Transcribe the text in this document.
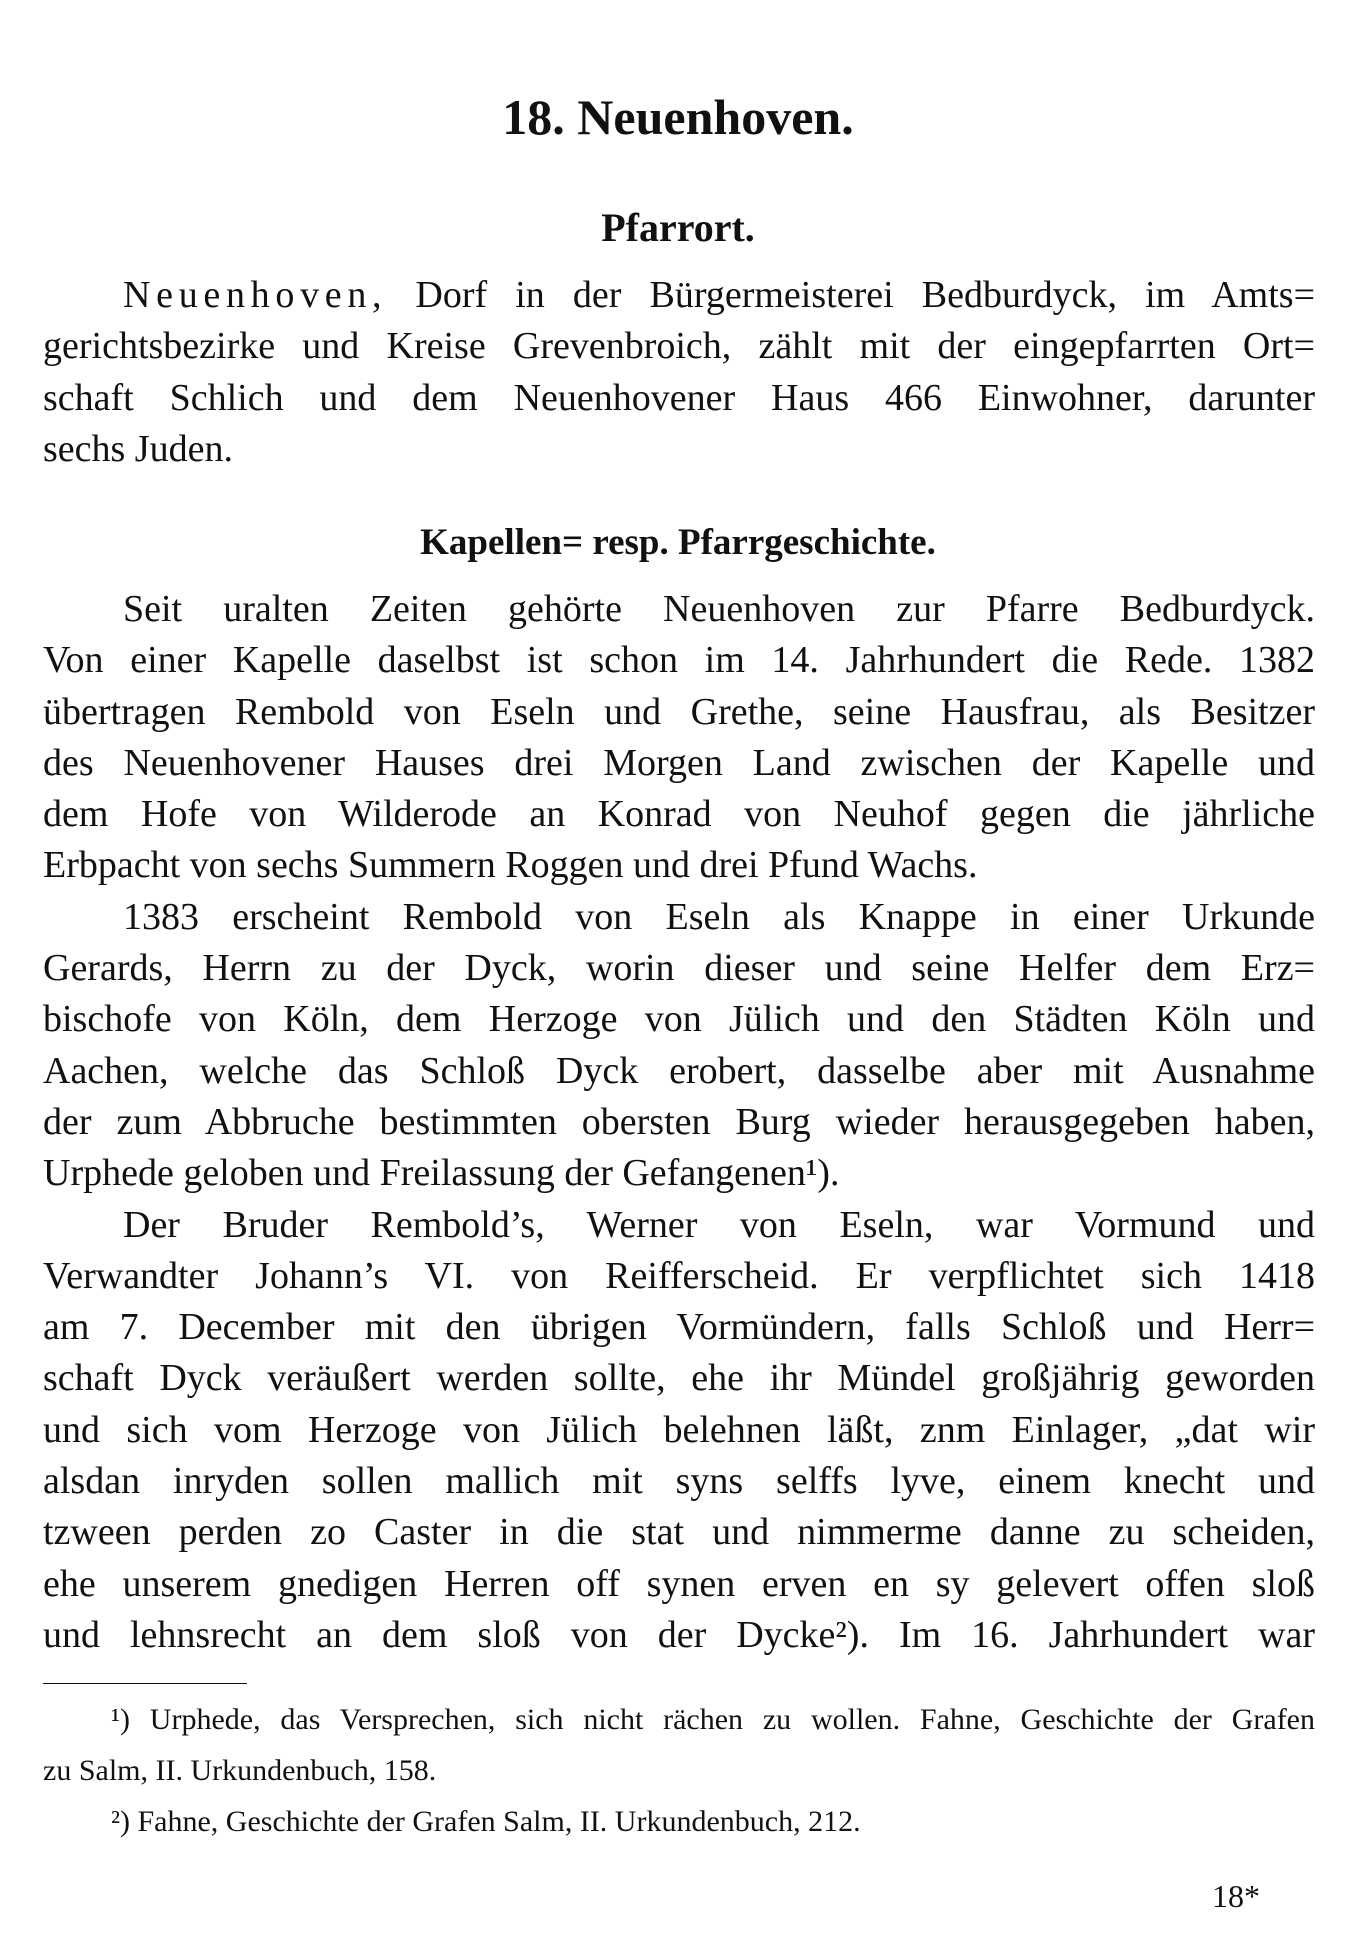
18. Neuenhoven.
Pfarrort.
Neuenhoven, Dorf in der Bürgermeisterei Bedburdyck, im Amts=
gerichtsbezirke und Kreise Grevenbroich, zählt mit der eingepfarrten Ort=
schaft Schlich und dem Neuenhovener Haus 466 Einwohner, darunter
sechs Juden.
Kapellen= resp. Pfarrgeschichte.
Seit uralten Zeiten gehörte Neuenhoven zur Pfarre Bedburdyck.
Von einer Kapelle daselbst ist schon im 14. Jahrhundert die Rede. 1382
übertragen Rembold von Eseln und Grethe, seine Hausfrau, als Besitzer
des Neuenhovener Hauses drei Morgen Land zwischen der Kapelle und
dem Hofe von Wilderode an Konrad von Neuhof gegen die jährliche
Erbpacht von sechs Summern Roggen und drei Pfund Wachs.
1383 erscheint Rembold von Eseln als Knappe in einer Urkunde
Gerards, Herrn zu der Dyck, worin dieser und seine Helfer dem Erz=
bischofe von Köln, dem Herzoge von Jülich und den Städten Köln und
Aachen, welche das Schloß Dyck erobert, dasselbe aber mit Ausnahme
der zum Abbruche bestimmten obersten Burg wieder herausgegeben haben,
Urphede geloben und Freilassung der Gefangenen¹).
Der Bruder Rembold’s, Werner von Eseln, war Vormund und
Verwandter Johann’s VI. von Reifferscheid. Er verpflichtet sich 1418
am 7. December mit den übrigen Vormündern, falls Schloß und Herr=
schaft Dyck veräußert werden sollte, ehe ihr Mündel großjährig geworden
und sich vom Herzoge von Jülich belehnen läßt, znm Einlager, „dat wir
alsdan inryden sollen mallich mit syns selffs lyve, einem knecht und
tzween perden zo Caster in die stat und nimmerme danne zu scheiden,
ehe unserem gnedigen Herren off synen erven en sy gelevert offen sloß
und lehnsrecht an dem sloß von der Dycke²). Im 16. Jahrhundert war
¹) Urphede, das Versprechen, sich nicht rächen zu wollen. Fahne, Geschichte der Grafen
zu Salm, II. Urkundenbuch, 158.
²) Fahne, Geschichte der Grafen Salm, II. Urkundenbuch, 212.
18*
